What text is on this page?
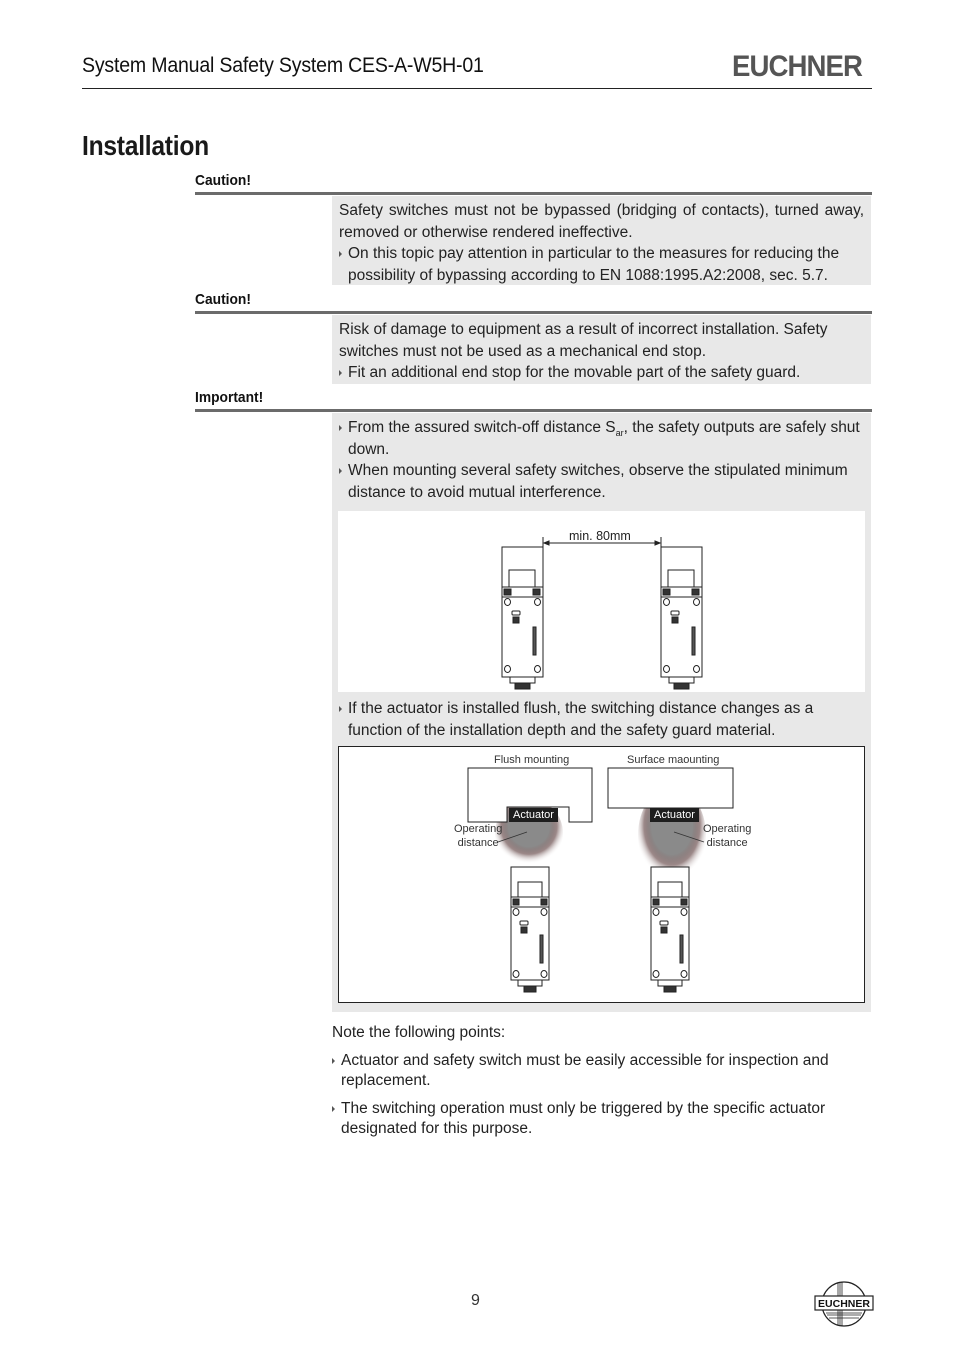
System Manual Safety System CES-A-W5H-01	EUCHNER
Installation
Caution!

Safety switches must not be bypassed (bridging of contacts), turned away, removed or otherwise rendered ineffective.

On this topic pay attention in particular to the measures for reducing the possibility of bypassing according to EN 1088:1995.A2:2008, sec. 5.7.

Caution!

Risk of damage to equipment as a result of incorrect installation. Safety switches must not be used as a mechanical end stop.

Fit an additional end stop for the movable part of the safety guard.

Important!

From the assured switch-off distance $S_{ar}$, the safety outputs are safely shut down.

When mounting several safety switches, observe the stipulated minimum distance to avoid mutual interference.

min. 80mm

If the actuator is installed flush, the switching distance changes as a function of the installation depth and the safety guard material.

Flush mounting	Surface maounting
Actuator	Actuator
Operating
distance
Operating
distance

Note the following points:

Actuator and safety switch must be easily accessible for inspection and replacement.

The switching operation must only be triggered by the specific actuator designated for this purpose.

9	EUCHNER
